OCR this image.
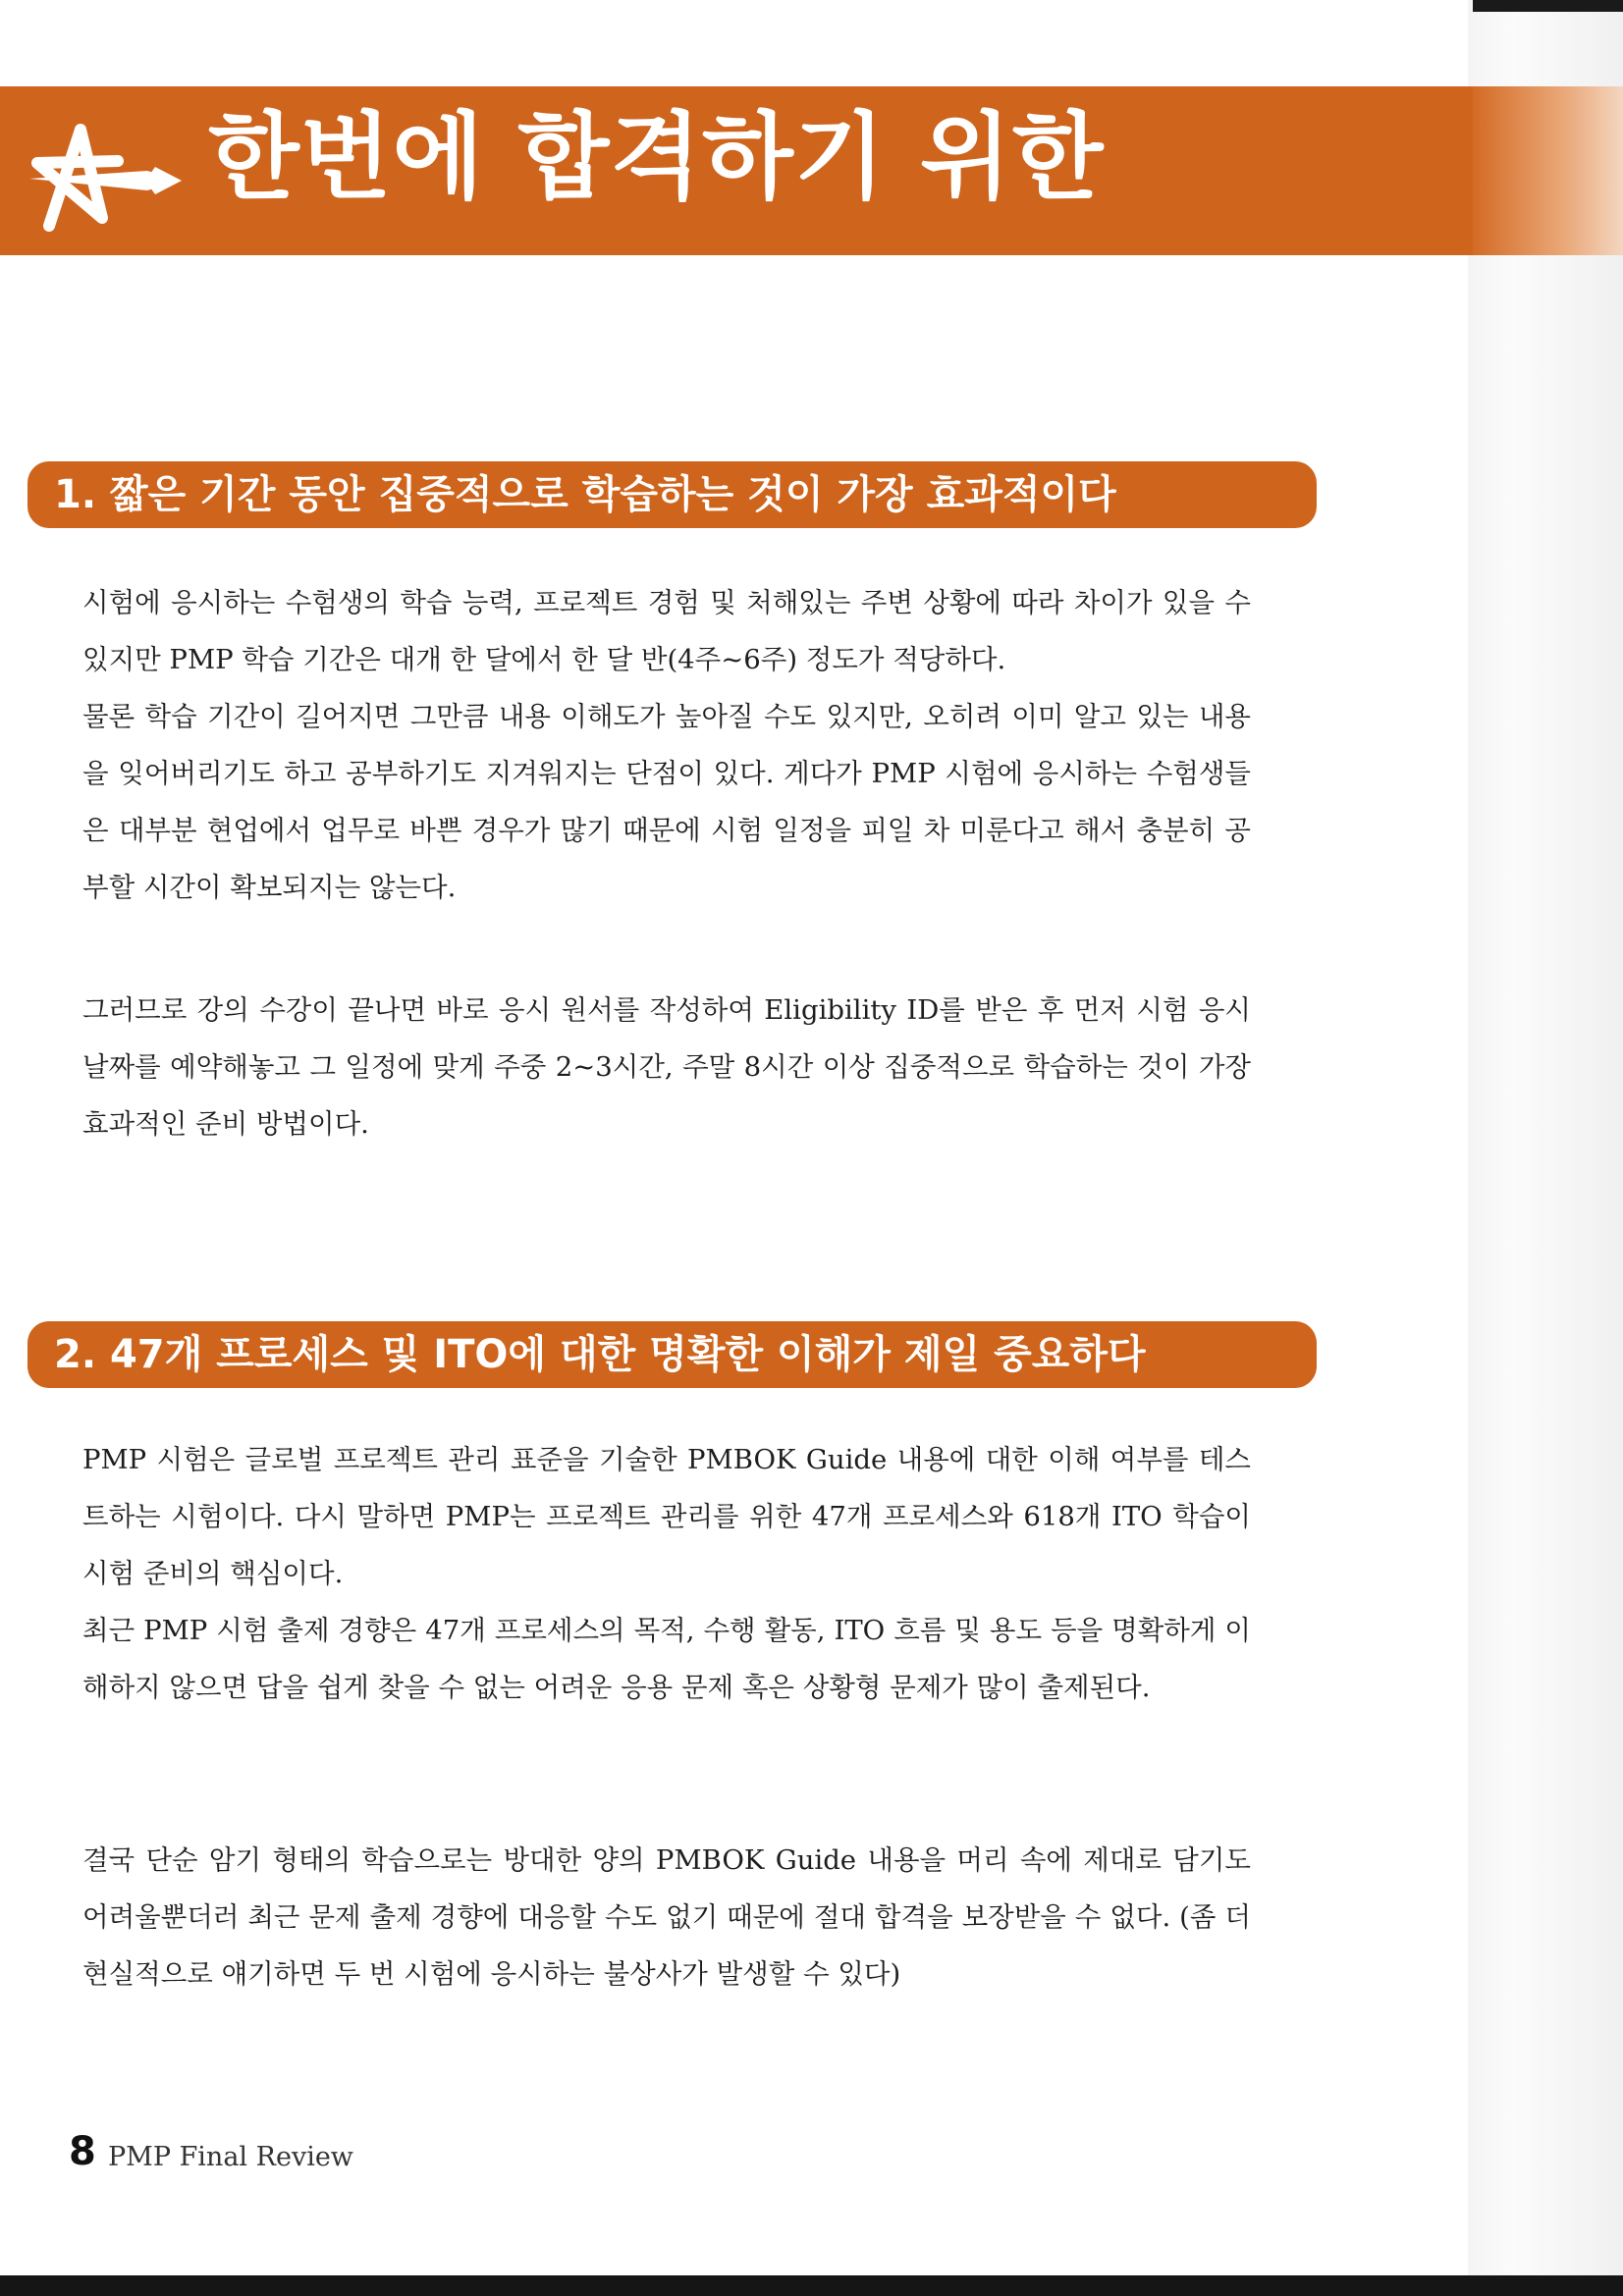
한번에 합격하기 위한
1. 짧은 기간 동안 집중적으로 학습하는 것이 가장 효과적이다

시험에 응시하는 수험생의 학습 능력, 프로젝트 경험 및 처해있는 주변 상황에 따라 차이가 있을 수 있지만 PMP 학습 기간은 대개 한 달에서 한 달 반(4주~6주) 정도가 적당하다.

물론 학습 기간이 길어지면 그만큼 내용 이해도가 높아질 수도 있지만, 오히려 이미 알고 있는 내용을 잊어버리기도 하고 공부하기도 지겨워지는 단점이 있다. 게다가 PMP 시험에 응시하는 수험생들은 대부분 현업에서 업무로 바쁜 경우가 많기 때문에 시험 일정을 피일 차 미룬다고 해서 충분히 공부할 시간이 확보되지는 않는다.

그러므로 강의 수강이 끝나면 바로 응시 원서를 작성하여 Eligibility ID를 받은 후 먼저 시험 응시 날짜를 예약해놓고 그 일정에 맞게 주중 2~3시간, 주말 8시간 이상 집중적으로 학습하는 것이 가장 효과적인 준비 방법이다.

2. 47개 프로세스 및 ITO에 대한 명확한 이해가 제일 중요하다

PMP 시험은 글로벌 프로젝트 관리 표준을 기술한 PMBOK Guide 내용에 대한 이해 여부를 테스트하는 시험이다. 다시 말하면 PMP는 프로젝트 관리를 위한 47개 프로세스와 618개 ITO 학습이 시험 준비의 핵심이다.

최근 PMP 시험 출제 경향은 47개 프로세스의 목적, 수행 활동, ITO 흐름 및 용도 등을 명확하게 이해하지 않으면 답을 쉽게 찾을 수 없는 어려운 응용 문제 혹은 상황형 문제가 많이 출제된다.

결국 단순 암기 형태의 학습으로는 방대한 양의 PMBOK Guide 내용을 머리 속에 제대로 담기도 어려울뿐더러 최근 문제 출제 경향에 대응할 수도 없기 때문에 절대 합격을 보장받을 수 없다. (좀 더 현실적으로 얘기하면 두 번 시험에 응시하는 불상사가 발생할 수 있다)

8 PMP Final Review
